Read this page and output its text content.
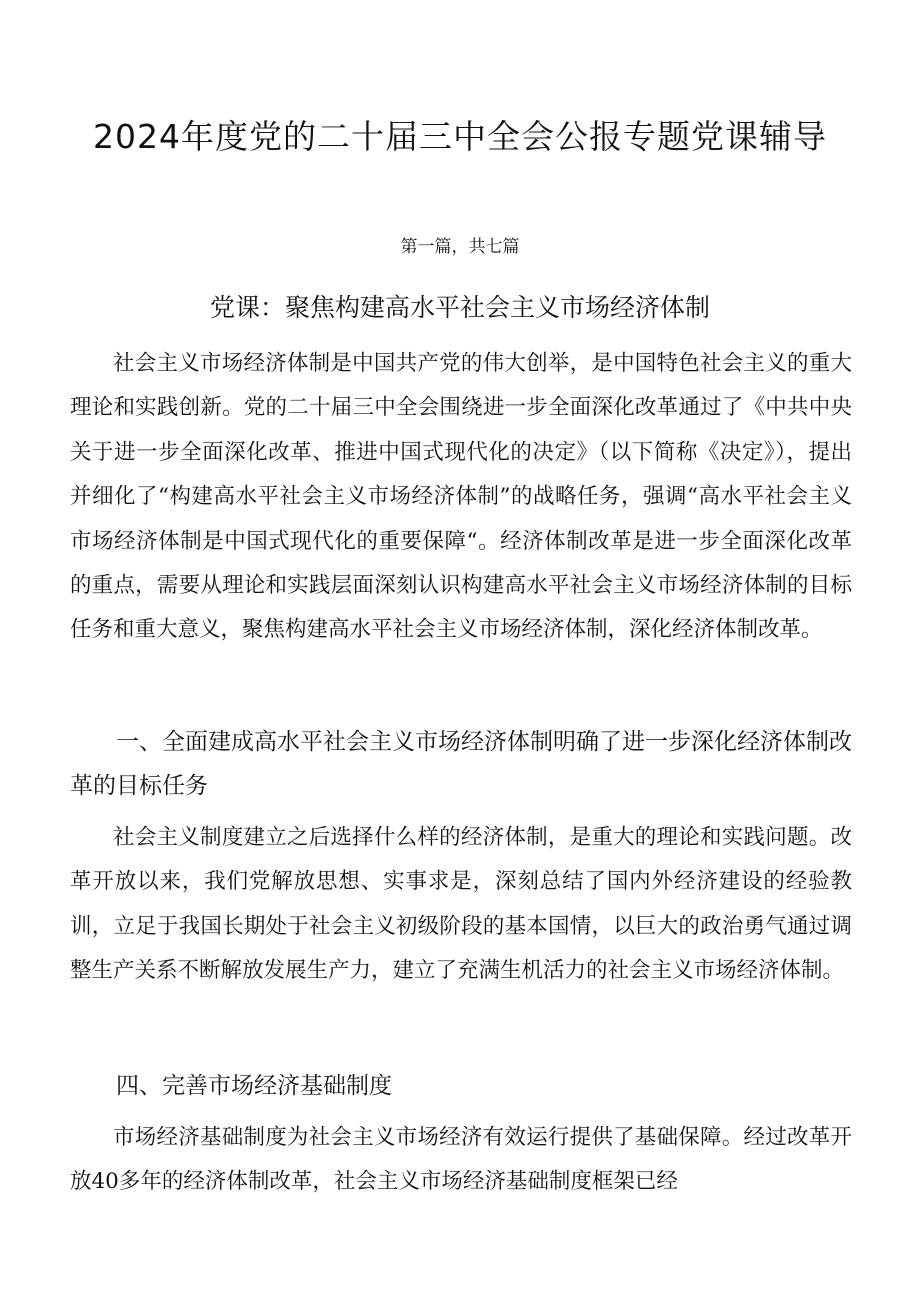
2024年度党的二十届三中全会公报专题党课辅导

第一篇，共七篇

党课：聚焦构建高水平社会主义市场经济体制

社会主义市场经济体制是中国共产党的伟大创举，是中国特色社会主义的重大理论和实践创新。党的二十届三中全会围绕进一步全面深化改革通过了《中共中央关于进一步全面深化改革、推进中国式现代化的决定》（以下简称《决定》），提出并细化了“构建高水平社会主义市场经济体制”的战略任务，强调“高水平社会主义市场经济体制是中国式现代化的重要保障“。经济体制改革是进一步全面深化改革的重点，需要从理论和实践层面深刻认识构建高水平社会主义市场经济体制的目标任务和重大意义，聚焦构建高水平社会主义市场经济体制，深化经济体制改革。

一、全面建成高水平社会主义市场经济体制明确了进一步深化经济体制改革的目标任务

社会主义制度建立之后选择什么样的经济体制，是重大的理论和实践问题。改革开放以来，我们党解放思想、实事求是，深刻总结了国内外经济建设的经验教训，立足于我国长期处于社会主义初级阶段的基本国情，以巨大的政治勇气通过调整生产关系不断解放发展生产力，建立了充满生机活力的社会主义市场经济体制。

四、完善市场经济基础制度

市场经济基础制度为社会主义市场经济有效运行提供了基础保障。经过改革开放40多年的经济体制改革，社会主义市场经济基础制度框架已经
